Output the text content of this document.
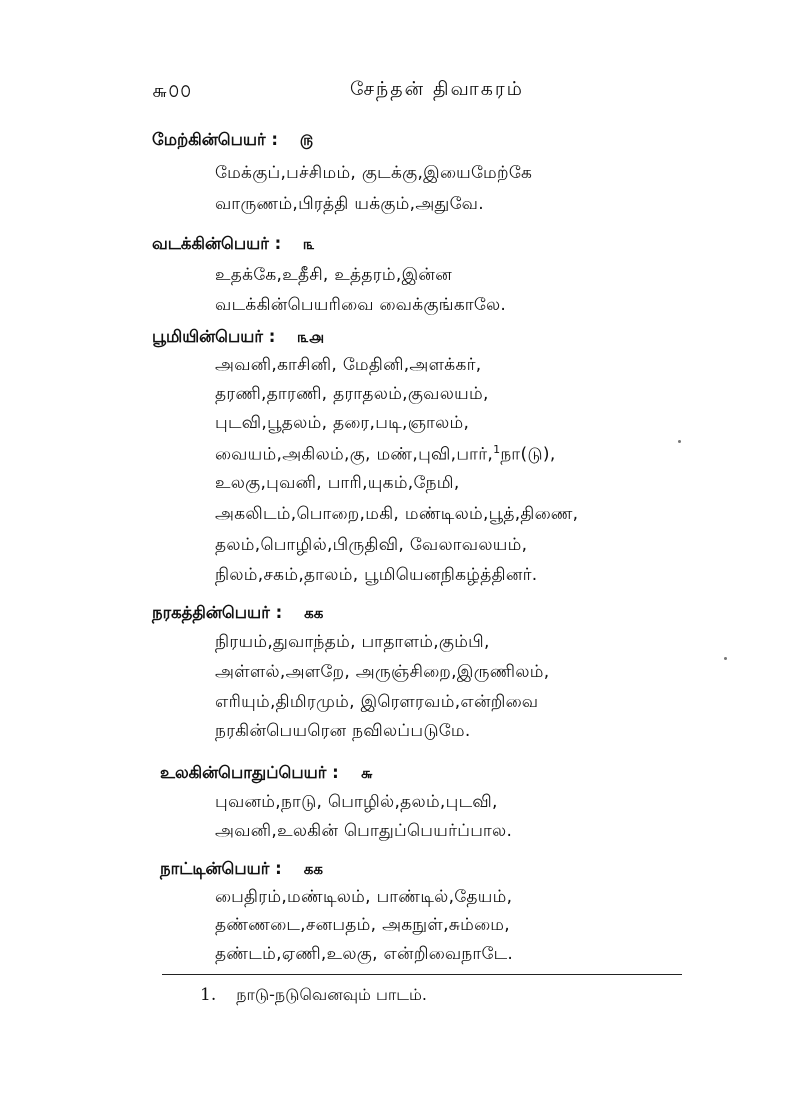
௬௦௦	சேந்தன் திவாகரம்
மேற்கின்பெயர் : ௫
மேக்குப்,பச்சிமம், குடக்கு,இயைமேற்கே
வாருணம்,பிரத்தி யக்கும்,அதுவே.
வடக்கின்பெயர் : ௩
உதக்கே,உதீசி, உத்தரம்,இன்ன
வடக்கின்பெயரிவை வைக்குங்காலே.
பூமியின்பெயர் : ௩௮
அவனி,காசினி, மேதினி,அளக்கர்,
தரணி,தாரணி, தராதலம்,குவலயம்,
புடவி,பூதலம், தரை,படி,ஞாலம்,
வையம்,அகிலம்,கு, மண்,புவி,பார்,$^1$நா(டு),
உலகு,புவனி, பாரி,யுகம்,நேமி,
அகலிடம்,பொறை,மகி, மண்டிலம்,பூத்,திணை,
தலம்,பொழில்,பிருதிவி, வேலாவலயம்,
நிலம்,சகம்,தாலம், பூமியெனநிகழ்த்தினர்.
நரகத்தின்பெயர் : கக
நிரயம்,துவாந்தம், பாதாளம்,கும்பி,
அள்ளல்,அளறே, அருஞ்சிறை,இருணிலம்,
எரியும்,திமிரமும், இரௌரவம்,என்றிவை
நரகின்பெயரென நவிலப்படுமே.
உலகின்பொதுப்பெயர் : ௬
புவனம்,நாடு, பொழில்,தலம்,புடவி,
அவனி,உலகின் பொதுப்பெயர்ப்பால.
நாட்டின்பெயர் : கக
பைதிரம்,மண்டிலம், பாண்டில்,தேயம்,
தண்ணடை,சனபதம், அகநுள்,சும்மை,
தண்டம்,ஏணி,உலகு, என்றிவைநாடே.
1. நாடு-நடுவெனவும் பாடம்.
